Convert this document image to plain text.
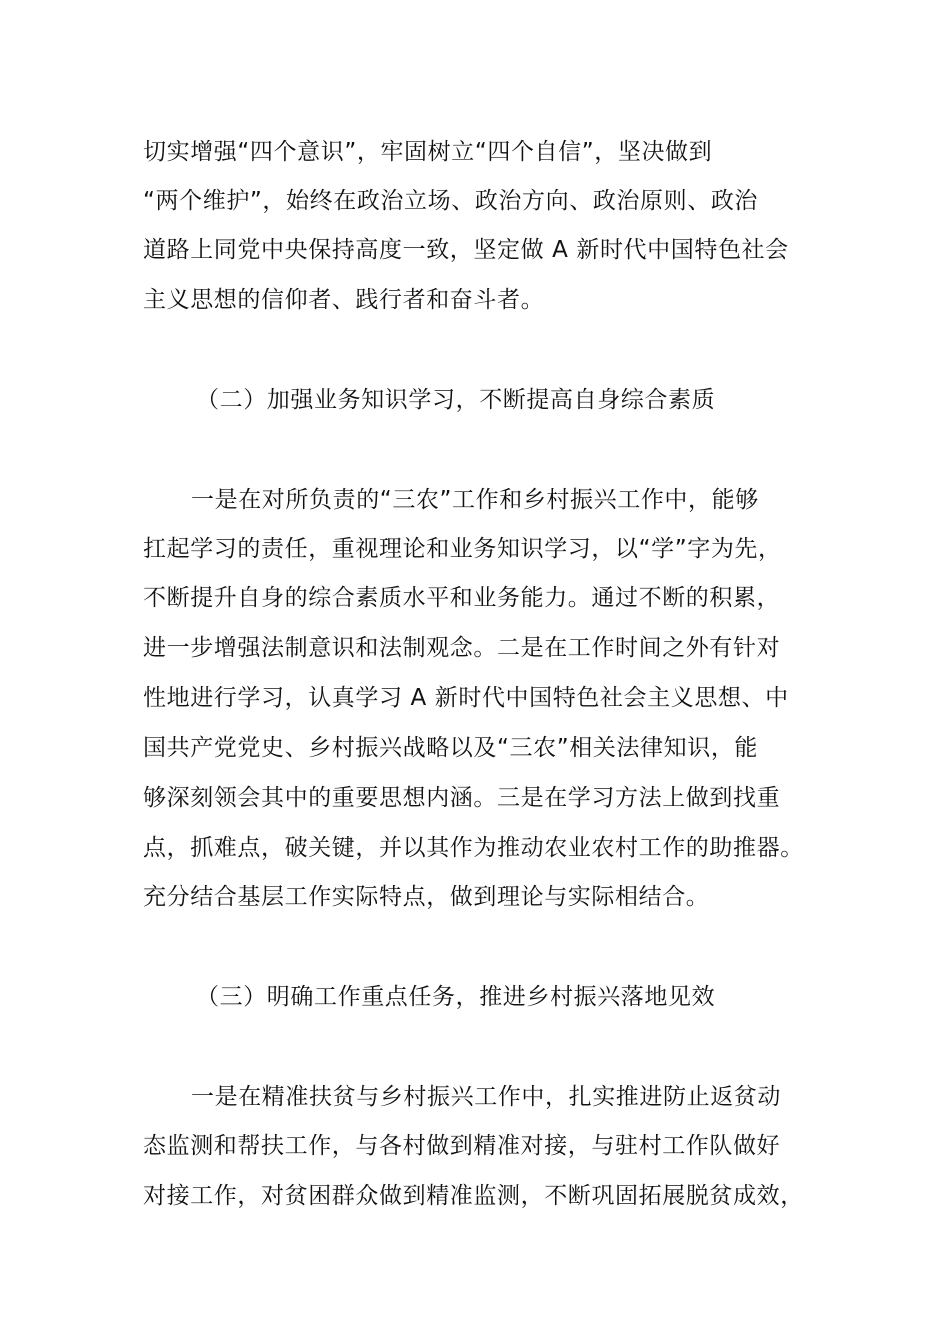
切实增强“四个意识”，牢固树立“四个自信”，坚决做到
“两个维护”，始终在政治立场、政治方向、政治原则、政治
道路上同党中央保持高度一致，坚定做 A 新时代中国特色社会
主义思想的信仰者、践行者和奋斗者。
（二）加强业务知识学习，不断提高自身综合素质
一是在对所负责的“三农”工作和乡村振兴工作中，能够
扛起学习的责任，重视理论和业务知识学习，以“学”字为先，
不断提升自身的综合素质水平和业务能力。通过不断的积累，
进一步增强法制意识和法制观念。二是在工作时间之外有针对
性地进行学习，认真学习 A 新时代中国特色社会主义思想、中
国共产党党史、乡村振兴战略以及“三农”相关法律知识，能
够深刻领会其中的重要思想内涵。三是在学习方法上做到找重
点，抓难点，破关键，并以其作为推动农业农村工作的助推器。
充分结合基层工作实际特点，做到理论与实际相结合。
（三）明确工作重点任务，推进乡村振兴落地见效
一是在精准扶贫与乡村振兴工作中，扎实推进防止返贫动
态监测和帮扶工作，与各村做到精准对接，与驻村工作队做好
对接工作，对贫困群众做到精准监测，不断巩固拓展脱贫成效，
